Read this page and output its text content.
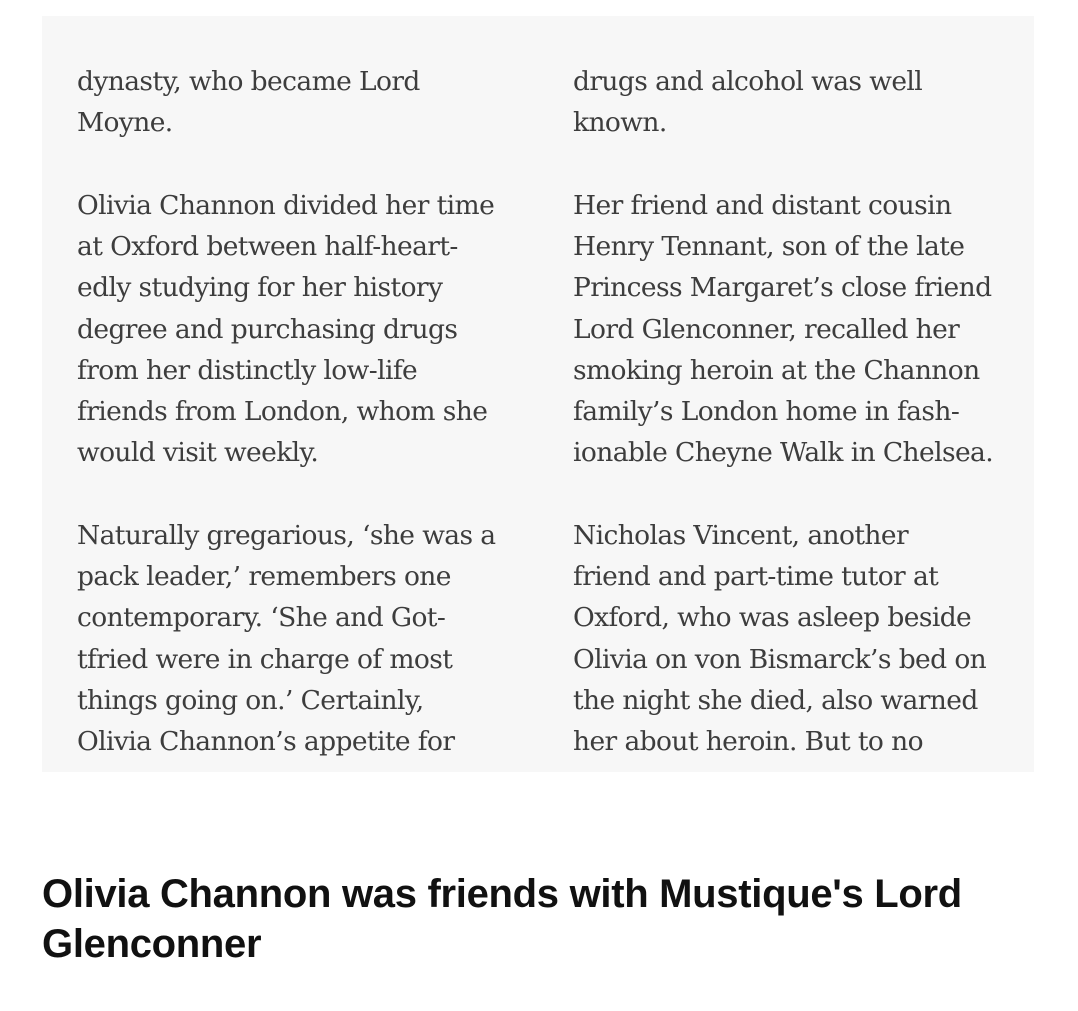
dynasty, who became Lord
Moyne.

Olivia Channon divided her time
at Oxford between half-heart-
edly studying for her history
degree and purchasing drugs
from her distinctly low-life
friends from London, whom she
would visit weekly.

Naturally gregarious, ‘she was a
pack leader,’ remembers one
contemporary. ‘She and Got-
tfried were in charge of most
things going on.’ Certainly,
Olivia Channon’s appetite for

drugs and alcohol was well
known.

Her friend and distant cousin
Henry Tennant, son of the late
Princess Margaret’s close friend
Lord Glenconner, recalled her
smoking heroin at the Channon
family’s London home in fash-
ionable Cheyne Walk in Chelsea.

Nicholas Vincent, another
friend and part-time tutor at
Oxford, who was asleep beside
Olivia on von Bismarck’s bed on
the night she died, also warned
her about heroin. But to no

Olivia Channon was friends with Mustique's Lord
Glenconner
